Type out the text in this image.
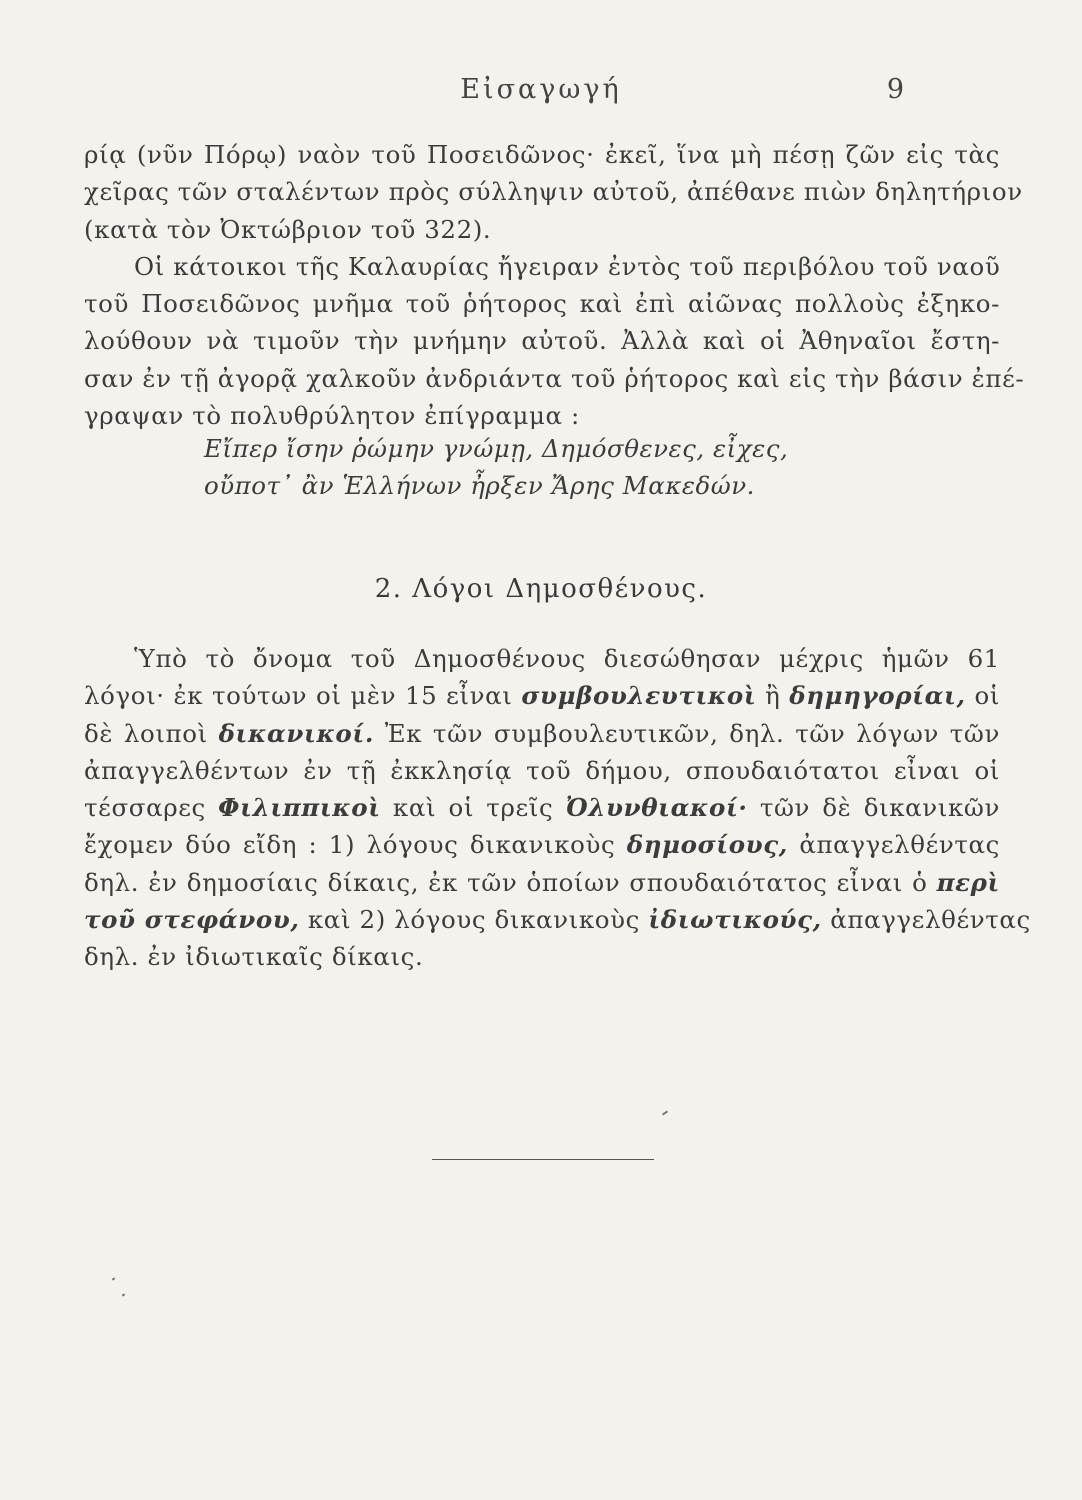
Εἰσαγωγή	9
ρίᾳ (νῦν Πόρῳ) ναὸν τοῦ Ποσειδῶνος· ἐκεῖ, ἵνα μὴ πέσῃ ζῶν εἰς τὰς
χεῖρας τῶν σταλέντων πρὸς σύλληψιν αὐτοῦ, ἀπέθανε πιὼν δηλητήριον
(κατὰ τὸν Ὀκτώβριον τοῦ 322).
Οἱ κάτοικοι τῆς Καλαυρίας ἤγειραν ἐντὸς τοῦ περιβόλου τοῦ ναοῦ
τοῦ Ποσειδῶνος μνῆμα τοῦ ῥήτορος καὶ ἐπὶ αἰῶνας πολλοὺς ἐξηκο-
λούθουν νὰ τιμοῦν τὴν μνήμην αὐτοῦ. Ἀλλὰ καὶ οἱ Ἀθηναῖοι ἔστη-
σαν ἐν τῇ ἀγορᾷ χαλκοῦν ἀνδριάντα τοῦ ῥήτορος καὶ εἰς τὴν βάσιν ἐπέ-
γραψαν τὸ πολυθρύλητον ἐπίγραμμα :
Εἴπερ ἴσην ῥώμην γνώμῃ, Δημόσθενες, εἶχες,
οὔποτ᾽ ἂν Ἑλλήνων ἦρξεν Ἄρης Μακεδών.
2. Λόγοι Δημοσθένους.
Ὑπὸ τὸ ὄνομα τοῦ Δημοσθένους διεσώθησαν μέχρις ἡμῶν 61
λόγοι· ἐκ τούτων οἱ μὲν 15 εἶναι συμβουλευτικοὶ ἢ δημηγορίαι, οἱ
δὲ λοιποὶ δικανικοί. Ἐκ τῶν συμβουλευτικῶν, δηλ. τῶν λόγων τῶν
ἀπαγγελθέντων ἐν τῇ ἐκκλησίᾳ τοῦ δήμου, σπουδαιότατοι εἶναι οἱ
τέσσαρες Φιλιππικοὶ καὶ οἱ τρεῖς Ὀλυνθιακοί· τῶν δὲ δικανικῶν
ἔχομεν δύο εἴδη : 1) λόγους δικανικοὺς δημοσίους, ἀπαγγελθέντας
δηλ. ἐν δημοσίαις δίκαις, ἐκ τῶν ὁποίων σπουδαιότατος εἶναι ὁ περὶ
τοῦ στεφάνου, καὶ 2) λόγους δικανικοὺς ἰδιωτικούς, ἀπαγγελθέντας
δηλ. ἐν ἰδιωτικαῖς δίκαις.
